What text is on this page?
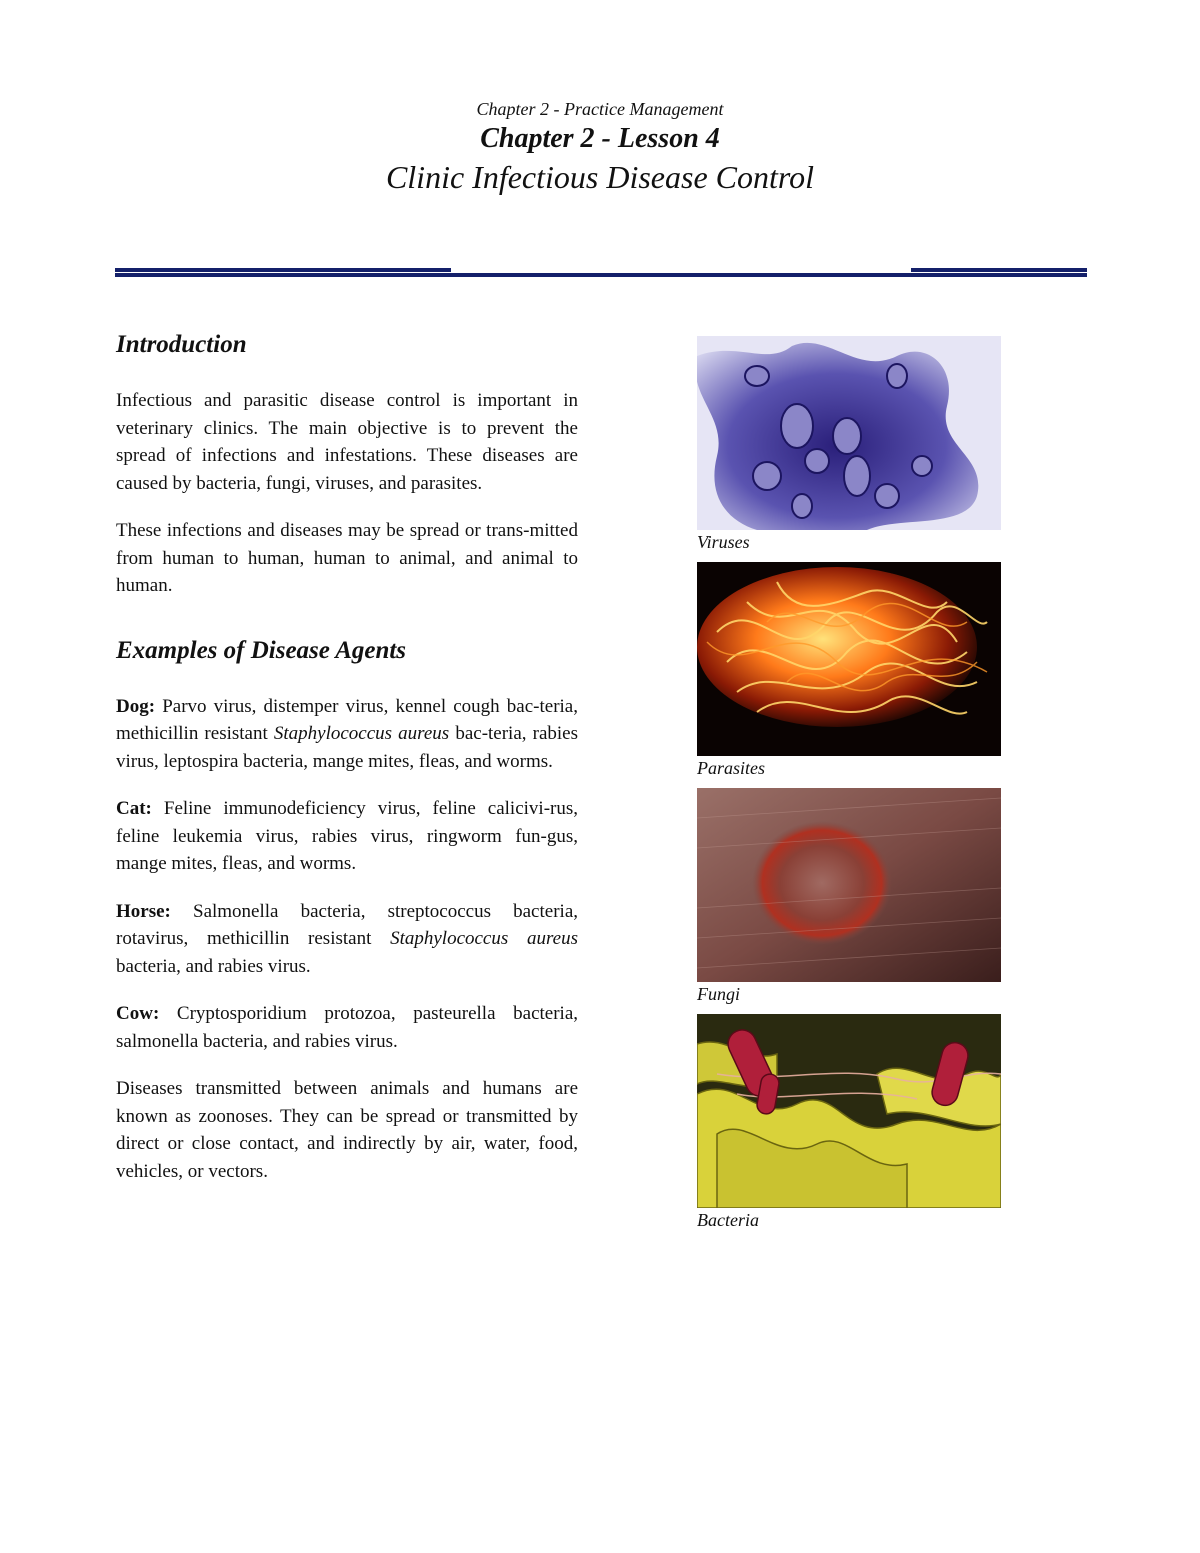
Chapter 2 - Practice Management
Chapter 2 - Lesson 4
Clinic Infectious Disease Control
Introduction

Infectious and parasitic disease control is important in veterinary clinics. The main objective is to prevent the spread of infections and infestations. These diseases are caused by bacteria, fungi, viruses, and parasites.

These infections and diseases may be spread or trans-mitted from human to human, human to animal, and animal to human.

Examples of Disease Agents

Dog: Parvo virus, distemper virus, kennel cough bac-teria, methicillin resistant Staphylococcus aureus bac-teria, rabies virus, leptospira bacteria, mange mites, fleas, and worms.

Cat: Feline immunodeficiency virus, feline calicivi-rus, feline leukemia virus, rabies virus, ringworm fun-gus, mange mites, fleas, and worms.

Horse: Salmonella bacteria, streptococcus bacteria, rotavirus, methicillin resistant Staphylococcus aureus bacteria, and rabies virus.

Cow: Cryptosporidium protozoa, pasteurella bacteria, salmonella bacteria, and rabies virus.

Diseases transmitted between animals and humans are known as zoonoses. They can be spread or transmitted by direct or close contact, and indirectly by air, water, food, vehicles, or vectors.

Viruses
Parasites
Fungi
Bacteria
